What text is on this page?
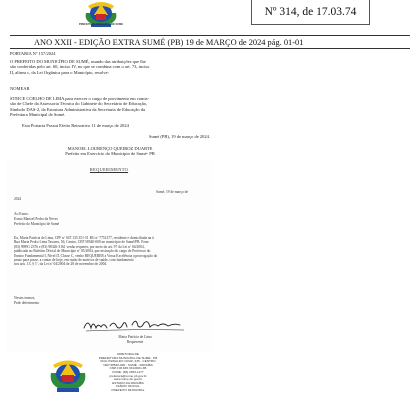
PREFEITURA MUNICIPAL DE SUMÉ
Nº 314, de 17.03.74
ANO XXII - EDIÇÃO EXTRA SUMÉ (PB) 19 de MARÇO de 2024 pág. 01-01
PORTARIA Nº 157/2024
O PREFEITO DO MUNICÍPIO DE SUMÉ, usando das atribuições que lhe
são conferidas pelo art. 60, inciso IV, no que se combina com o art. 73, inciso
II, alínea c, da Lei Orgânica para o Município, resolve:
NOMEAR
STEICE COELHO DE LIMA para exercer o cargo de provimento em comis-
são de Chefe da Assessoria Técnica do Gabinete do Secretário de Educação,
Símbolo DAS-2, da Estrutura Administrativa da Secretaria de Educação da
Prefeitura Municipal de Sumé.
Esta Portaria Possui Efeito Retroativo 11 de março de 2024
Sumé (PB), 19 de março de 2024.
MANOEL LOURENÇO QUEIROZ DUARTE
Prefeito em Exercício do Município de Sumé- PB
REQUERIMENTO
Sumé, 19 de março de
2024
Ao Exmo.
Exmo Manoel Pedro da Neves
Prefeito do Município de Sumé
Eu, Maria Patrícia de Lima, CPF nº 047.135.351-51 RG nº 7751277, residente e domiciliada na à
Rua Maria Pedro Lima Tavares, 56, Centro, CEP 58540-000 no município de Sumé/PB. Fone:
(83) 99891 2376 e (83) 98326-3161 venho requerer, por meio do art. 97 da Lei nº 04/2004,
publicada no Boletim Oficial do Município nº 05/2004, que instrução do cargo de Professor do
Ensino Fundamental I, Nível II, Classe C, venho REQUERER a Vossa Excelência a prorrogação do
prazo para posse, a contar de hoje, em razão de motivos de saúde, com fundamento
nos arts. 13, § 1º, da Lei nº 04/2004 de 28 de novembro de 2004.
Nestes termos,
Pede deferimento
Maria Patrícia de Lima
Requerente
DIRETORIA DE
PREFEITURA MUNICIPAL DE SUMÉ - PB
RUA OSWALDO CRUZ, 235 - CENTRO
CEP 58540-000 - SUMÉ - PARAÍBA
CNPJ 08.945.331/0001-86
FONE: (83) 3353-1177
prefeitura@sume.pb.gov.br
www.sume.pb.gov.br
ESTADO DA PARAÍBA
DIÁRIO OFICIAL
PREFEITO MUNICIPAL
